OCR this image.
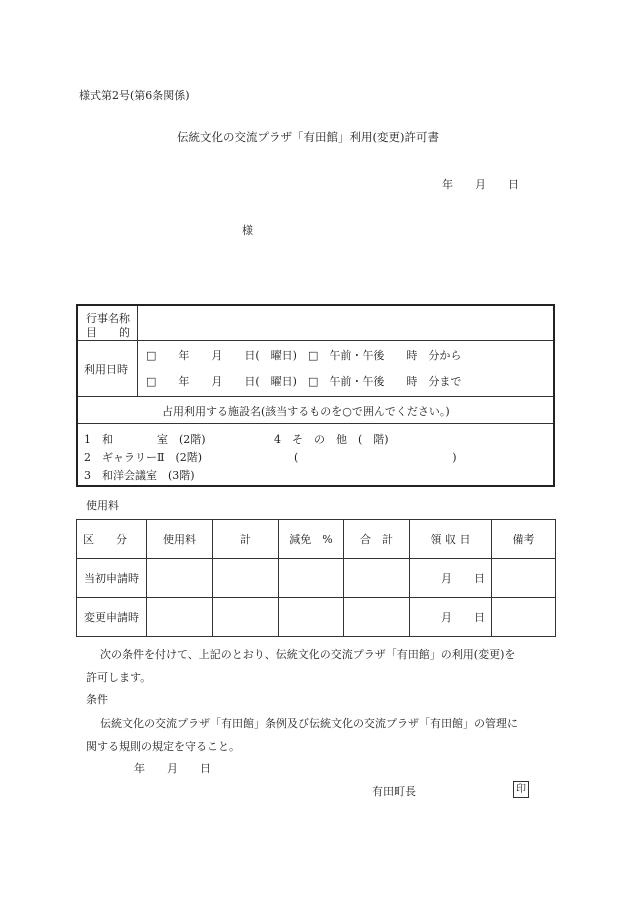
様式第2号(第6条関係)
伝統文化の交流プラザ「有田館」利用(変更)許可書
年　　月　　日
様
行事名称
目　　的
利用日時
□　　年　　月　　日(　曜日)　□　午前・午後　　時　分から
□　　年　　月　　日(　曜日)　□　午前・午後　　時　分まで
占用利用する施設名(該当するものを○で囲んでください。)
1　和　　　　室　(2階)
2　ギャラリーⅡ　(2階)
3　和洋会議室　(3階)
4　そ　の　他　(　階)
(　　　　　　　　　　　　　　)
使用料
区　　分	使用料	計	減免　%	合　計	領 収 日	備考
当初申請時					月　　日	
変更申請時					月　　日	
次の条件を付けて、上記のとおり、伝統文化の交流プラザ「有田館」の利用(変更)を
許可します。
条件
伝統文化の交流プラザ「有田館」条例及び伝統文化の交流プラザ「有田館」の管理に
関する規則の規定を守ること。
年　　月　　日
有田町長	印
